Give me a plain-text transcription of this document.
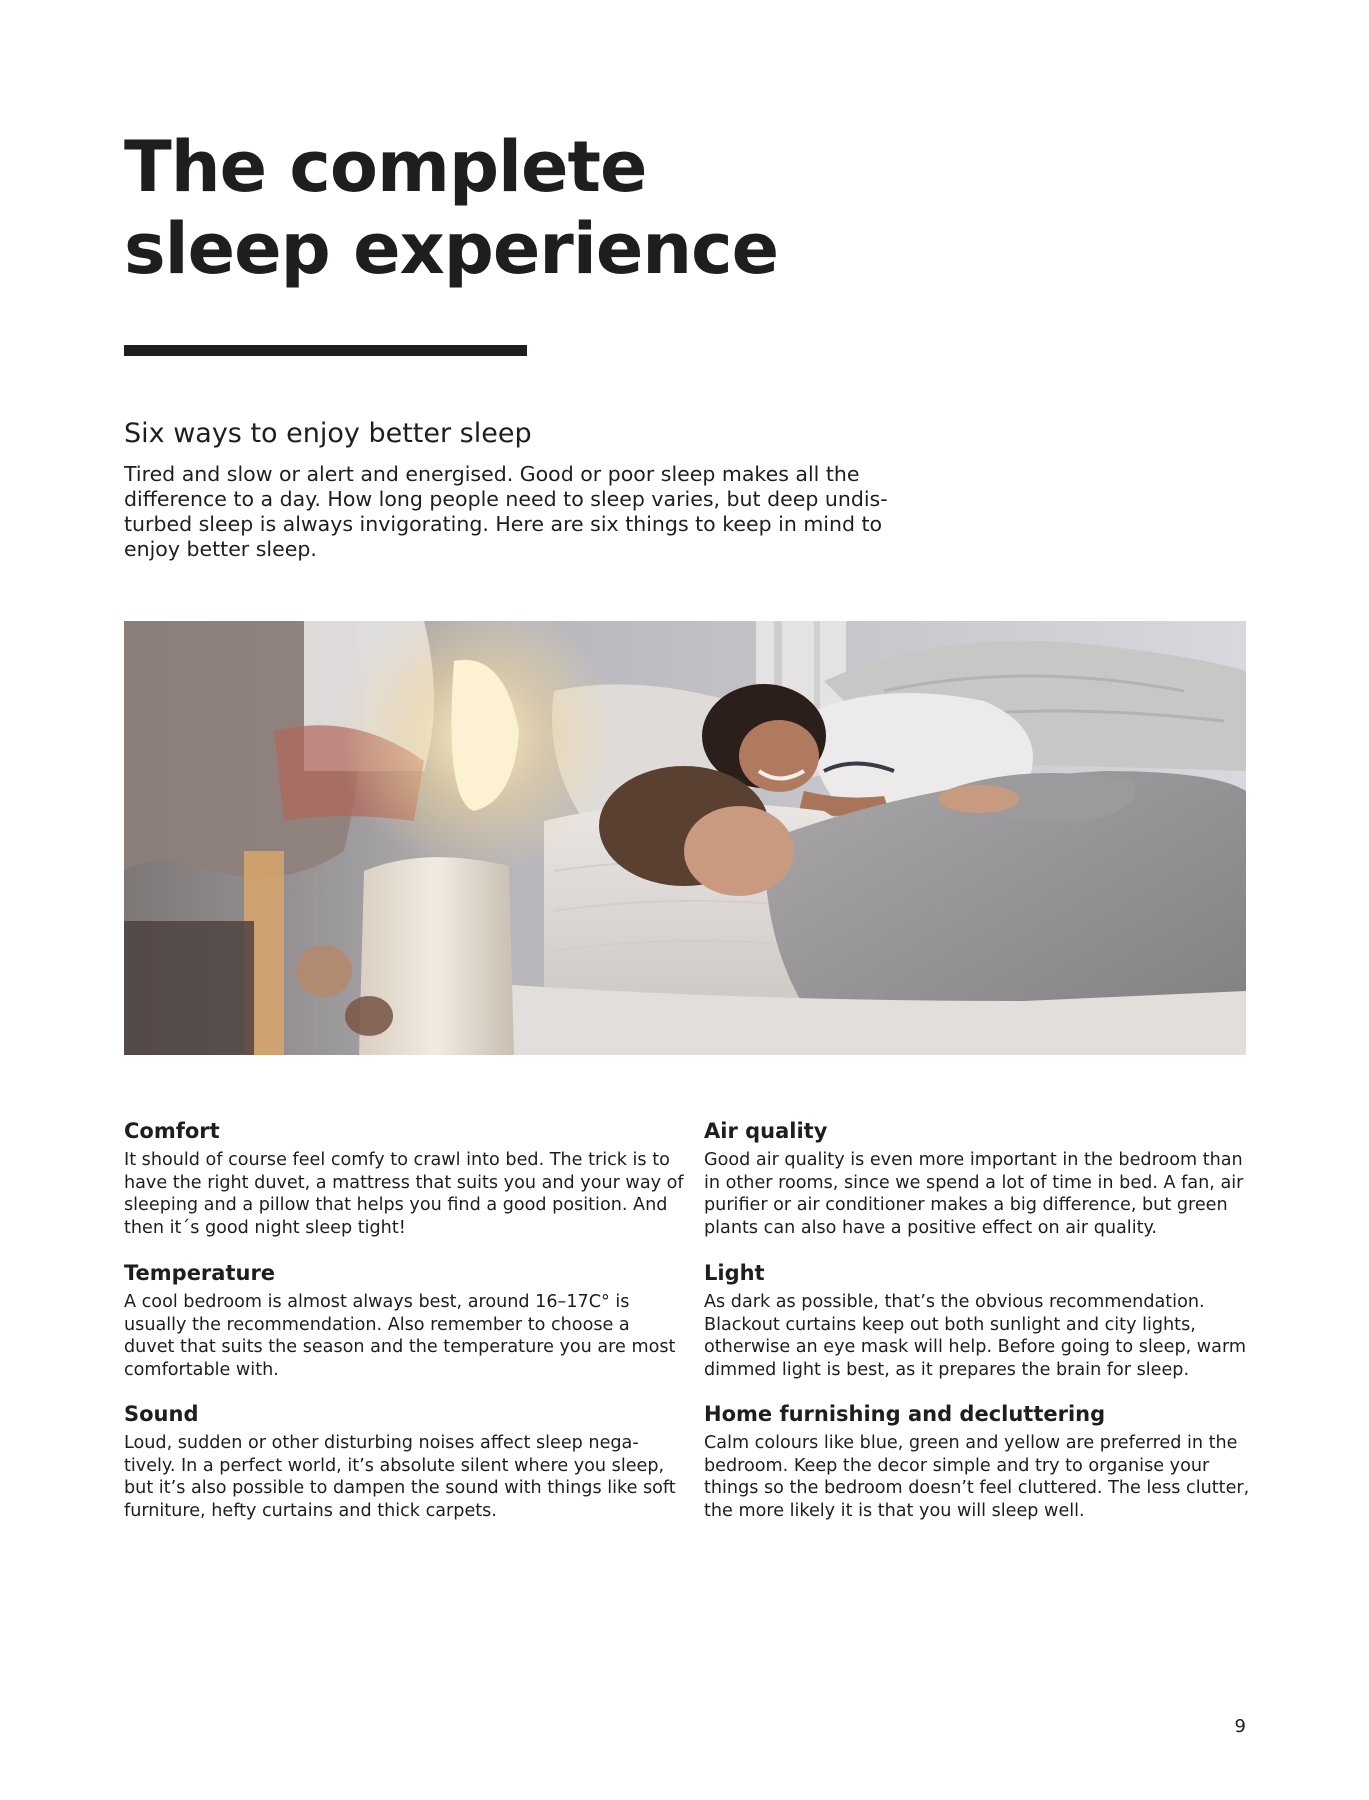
The complete
sleep experience
Six ways to enjoy better sleep

Tired and slow or alert and energised. Good or poor sleep makes all the
difference to a day. How long people need to sleep varies, but deep undis-
turbed sleep is always invigorating. Here are six things to keep in mind to
enjoy better sleep.

Comfort

It should of course feel comfy to crawl into bed. The trick is to
have the right duvet, a mattress that suits you and your way of
sleeping and a pillow that helps you find a good position. And
then it´s good night sleep tight!

Air quality

Good air quality is even more important in the bedroom than
in other rooms, since we spend a lot of time in bed. A fan, air
purifier or air conditioner makes a big difference, but green
plants can also have a positive effect on air quality.

Temperature

A cool bedroom is almost always best, around 16–17C° is
usually the recommendation. Also remember to choose a
duvet that suits the season and the temperature you are most
comfortable with.

Light

As dark as possible, that’s the obvious recommendation.
Blackout curtains keep out both sunlight and city lights,
otherwise an eye mask will help. Before going to sleep, warm
dimmed light is best, as it prepares the brain for sleep.

Sound

Loud, sudden or other disturbing noises affect sleep nega-
tively. In a perfect world, it’s absolute silent where you sleep,
but it’s also possible to dampen the sound with things like soft
furniture, hefty curtains and thick carpets.

Home furnishing and decluttering

Calm colours like blue, green and yellow are preferred in the
bedroom. Keep the decor simple and try to organise your
things so the bedroom doesn’t feel cluttered. The less clutter,
the more likely it is that you will sleep well.

9
